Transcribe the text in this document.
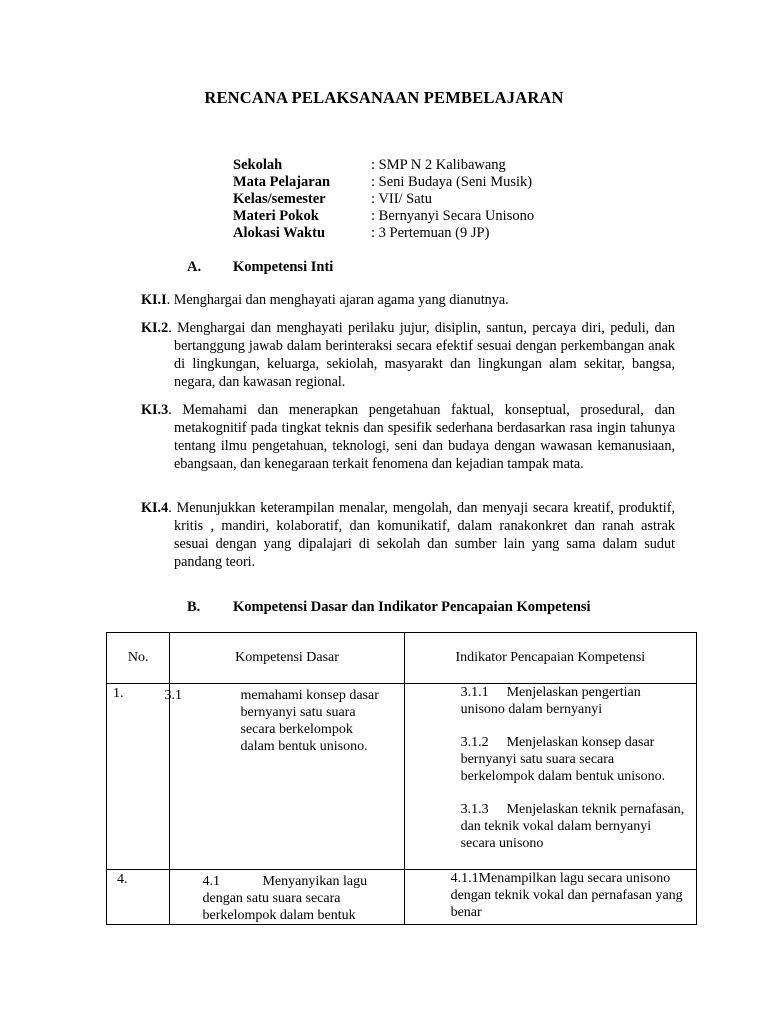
RENCANA PELAKSANAAN PEMBELAJARAN
Sekolah	: SMP N 2 Kalibawang
Mata Pelajaran	: Seni Budaya (Seni Musik)
Kelas/semester	: VII/ Satu
Materi Pokok	: Bernyanyi Secara Unisono
Alokasi Waktu	: 3 Pertemuan (9 JP)
A. Kompetensi Inti

KI.I. Menghargai dan menghayati ajaran agama yang dianutnya.

KI.2. Menghargai dan menghayati perilaku jujur, disiplin, santun, percaya diri, peduli, dan bertanggung jawab dalam berinteraksi secara efektif sesuai dengan perkembangan anak di lingkungan, keluarga, sekiolah, masyarakt dan lingkungan alam sekitar, bangsa, negara, dan kawasan regional.

KI.3. Memahami dan menerapkan pengetahuan faktual, konseptual, prosedural, dan metakognitif pada tingkat teknis dan spesifik sederhana berdasarkan rasa ingin tahunya tentang ilmu pengetahuan, teknologi, seni dan budaya dengan wawasan kemanusiaan, ebangsaan, dan kenegaraan terkait fenomena dan kejadian tampak mata.

KI.4. Menunjukkan keterampilan menalar, mengolah, dan menyaji secara kreatif, produktif, kritis , mandiri, kolaboratif, dan komunikatif, dalam ranakonkret dan ranah astrak sesuai dengan yang dipalajari di sekolah dan sumber lain yang sama dalam sudut pandang teori.

B. Kompetensi Dasar dan Indikator Pencapaian Kompetensi
No.	Kompetensi Dasar	Indikator Pencapaian Kompetensi

1.	3.1 memahami konsep dasar bernyanyi satu suara secara berkelompok dalam bentuk unisono.	3.1.1 Menjelaskan pengertian unisono dalam bernyanyi
3.1.2 Menjelaskan konsep dasar bernyanyi satu suara secara berkelompok dalam bentuk unisono.
3.1.3 Menjelaskan teknik pernafasan, dan teknik vokal dalam bernyanyi secara unisono

4.	4.1 Menyanyikan lagu dengan satu suara secara berkelompok dalam bentuk	4.1.1Menampilkan lagu secara unisono dengan teknik vokal dan pernafasan yang benar
